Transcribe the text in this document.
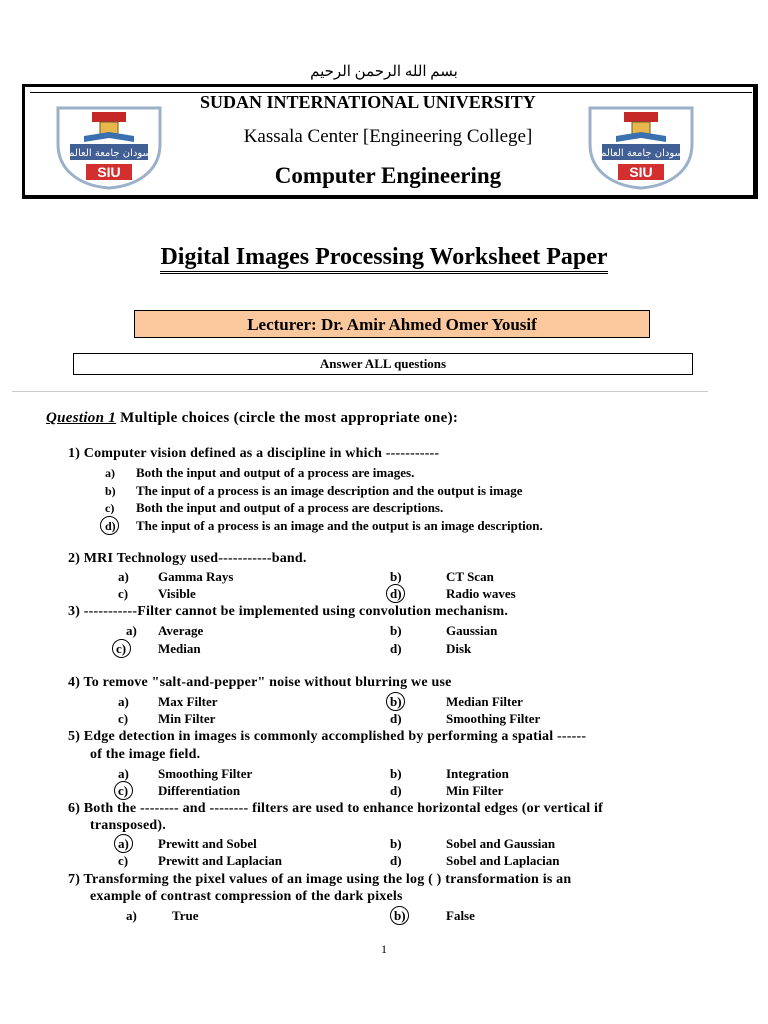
بسم الله الرحمن الرحيم
السودان جامعة العالمية
SIU
السودان جامعة العالمية
SIU
SUDAN INTERNATIONAL UNIVERSITY
Kassala Center [Engineering College]
Computer Engineering
Digital Images Processing Worksheet Paper
Lecturer: Dr. Amir Ahmed Omer Yousif
Answer ALL questions
Question 1 Multiple choices (circle the most appropriate one):
1) Computer vision defined as a discipline in which -----------
a) Both the input and output of a process are images.
b) The input of a process is an image description and the output is image
c) Both the input and output of a process are descriptions.
d) The input of a process is an image and the output is an image description.
2) MRI Technology used-----------band.
a) Gamma Rays	b)	CT Scan
c) Visible	d)	Radio waves
3) -----------Filter cannot be implemented using convolution mechanism.
a) Average	b)	Gaussian
c) Median	d)	Disk
4) To remove "salt-and-pepper" noise without blurring we use
a) Max Filter	b)	Median Filter
c) Min Filter	d)	Smoothing Filter
5) Edge detection in images is commonly accomplished by performing a spatial ------
of the image field.
a) Smoothing Filter	b)	Integration
c) Differentiation	d)	Min Filter
6) Both the -------- and -------- filters are used to enhance horizontal edges (or vertical if
transposed).
a) Prewitt and Sobel	b)	Sobel and Gaussian
c) Prewitt and Laplacian	d)	Sobel and Laplacian
7) Transforming the pixel values of an image using the log ( ) transformation is an
example of contrast compression of the dark pixels
a)	True	b)	False
1
